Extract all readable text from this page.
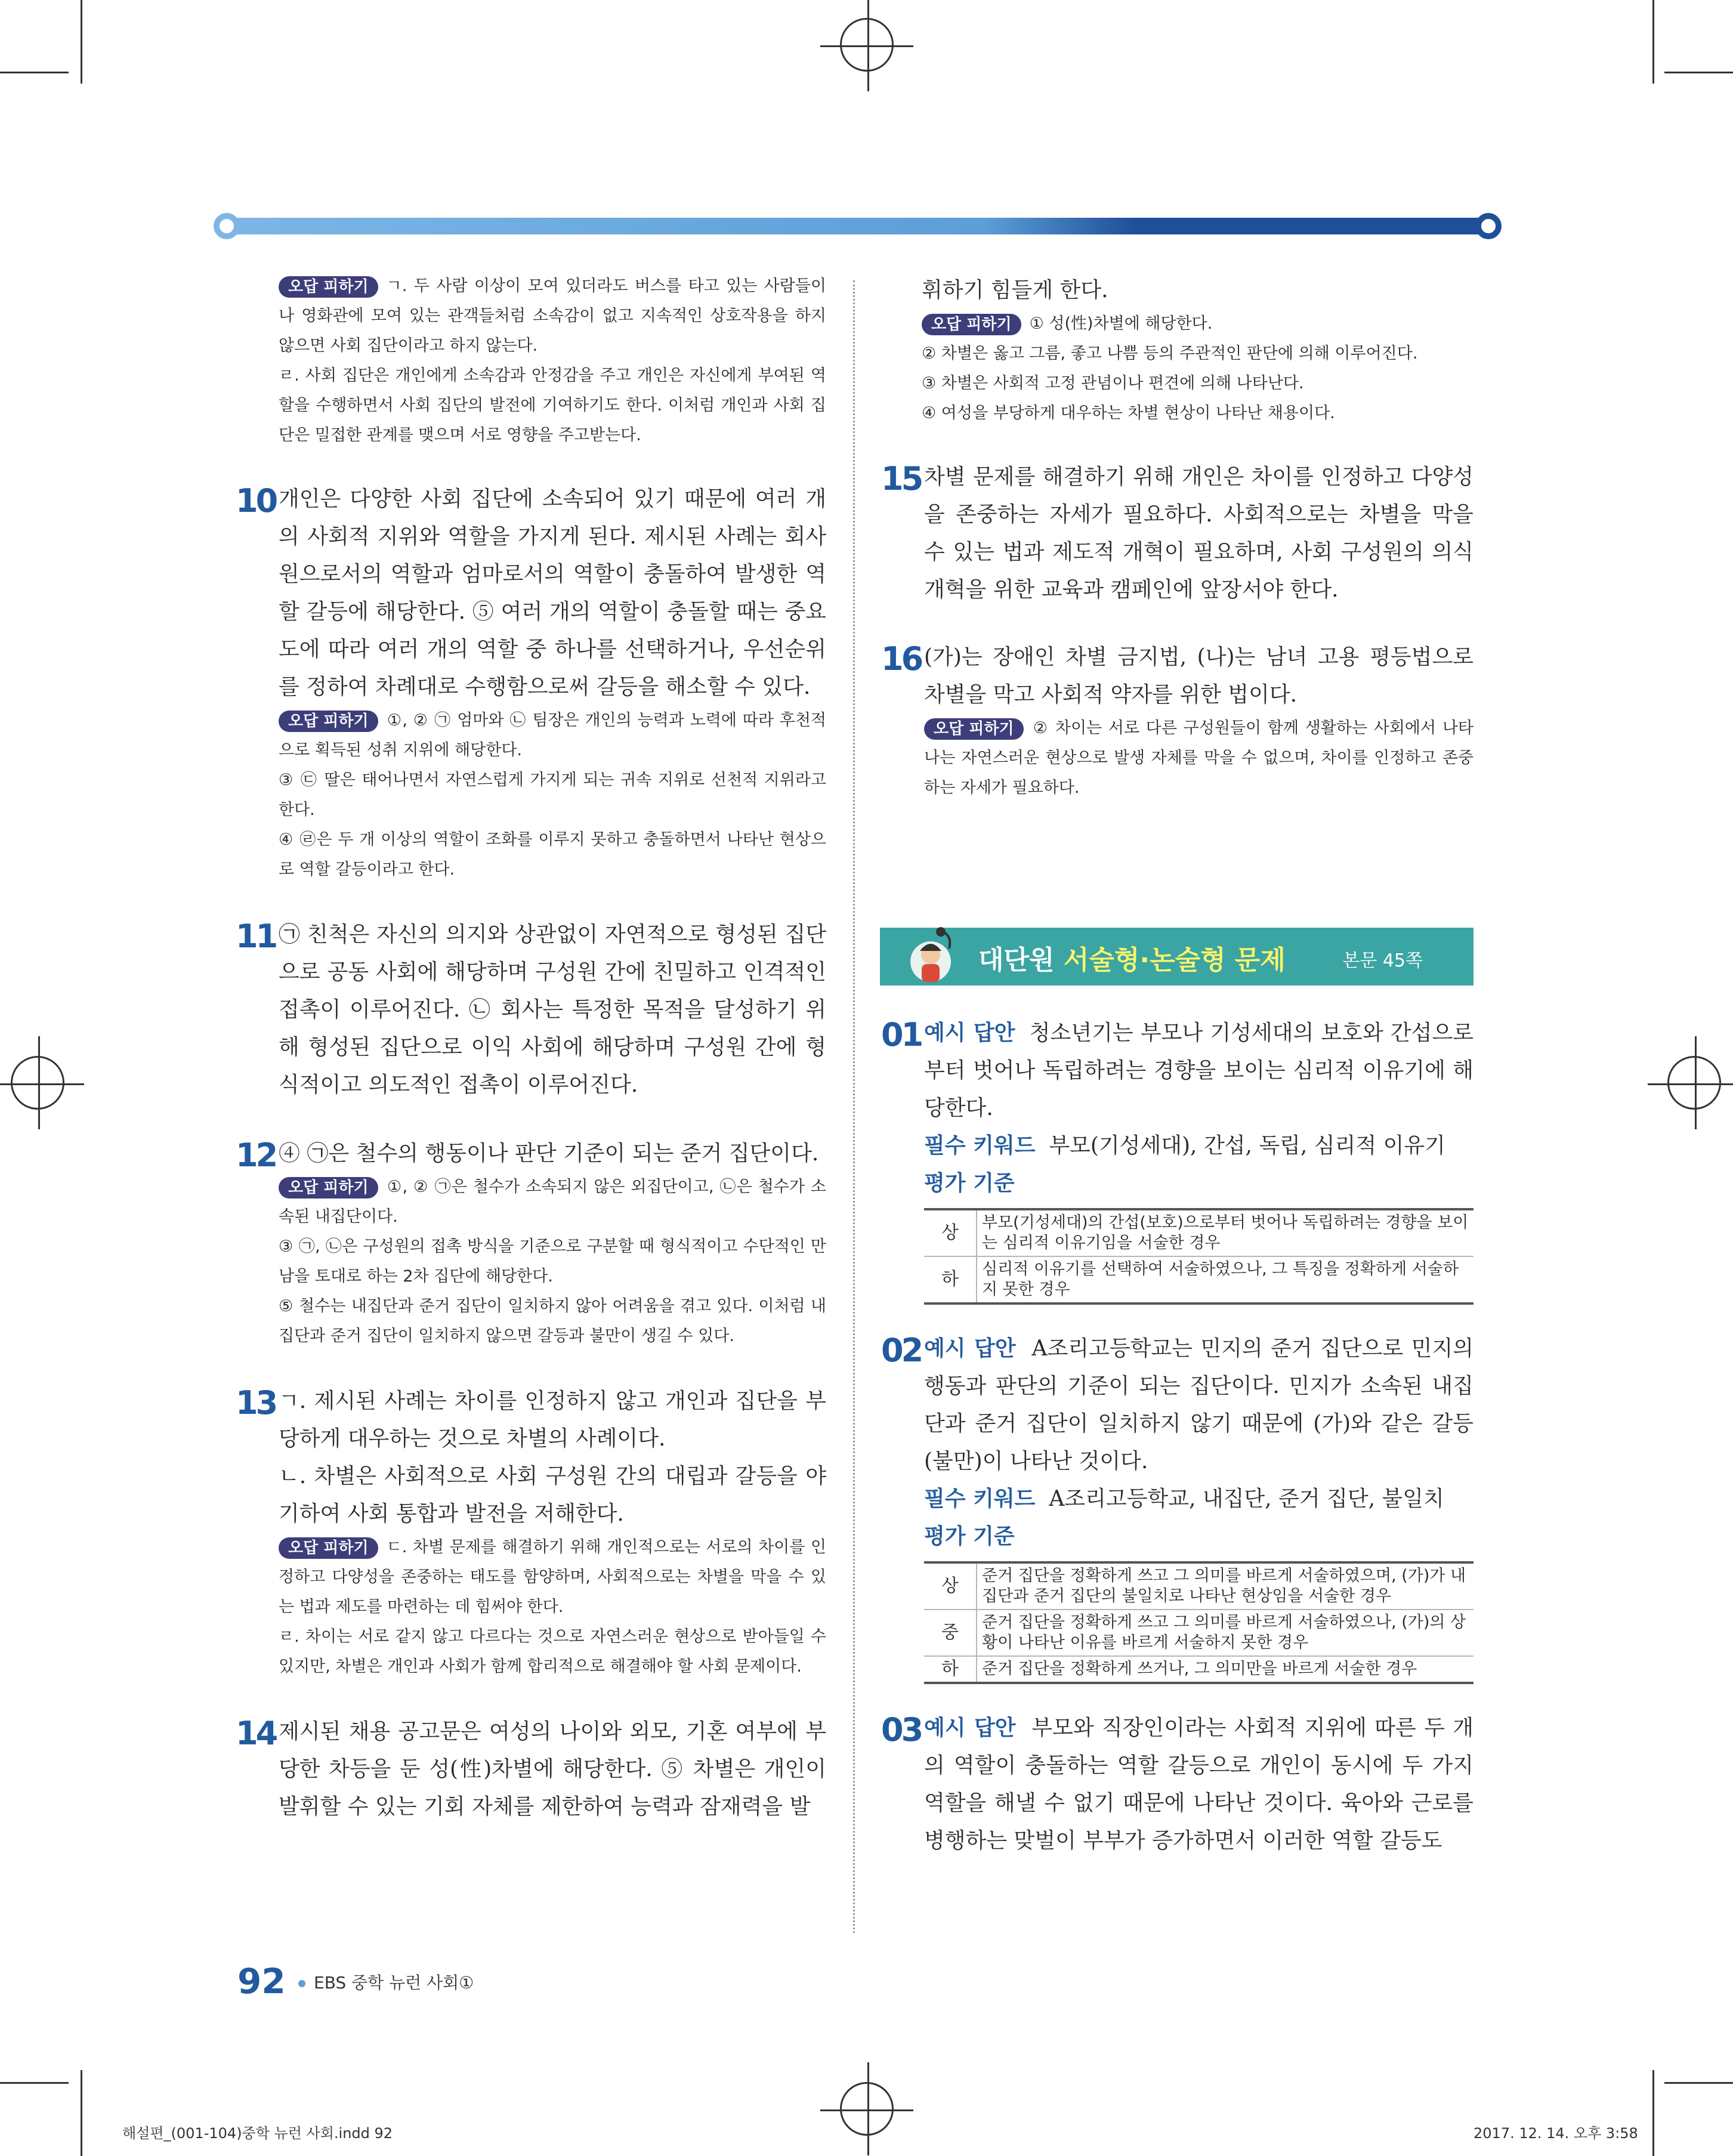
오답 피하기 ㄱ. 두 사람 이상이 모여 있더라도 버스를 타고 있는 사람들이나 영화관에 모여 있는 관객들처럼 소속감이 없고 지속적인 상호작용을 하지 않으면 사회 집단이라고 하지 않는다.
ㄹ. 사회 집단은 개인에게 소속감과 안정감을 주고 개인은 자신에게 부여된 역할을 수행하면서 사회 집단의 발전에 기여하기도 한다. 이처럼 개인과 사회 집단은 밀접한 관계를 맺으며 서로 영향을 주고받는다.
10 개인은 다양한 사회 집단에 소속되어 있기 때문에 여러 개의 사회적 지위와 역할을 가지게 된다. 제시된 사례는 회사원으로서의 역할과 엄마로서의 역할이 충돌하여 발생한 역할 갈등에 해당한다. ⑤ 여러 개의 역할이 충돌할 때는 중요도에 따라 여러 개의 역할 중 하나를 선택하거나, 우선순위를 정하여 차례대로 수행함으로써 갈등을 해소할 수 있다.
오답 피하기 ①, ② ㉠ 엄마와 ㉡ 팀장은 개인의 능력과 노력에 따라 후천적으로 획득된 성취 지위에 해당한다.
③ ㉢ 딸은 태어나면서 자연스럽게 가지게 되는 귀속 지위로 선천적 지위라고 한다.
④ ㉣은 두 개 이상의 역할이 조화를 이루지 못하고 충돌하면서 나타난 현상으로 역할 갈등이라고 한다.
11 ㉠ 친척은 자신의 의지와 상관없이 자연적으로 형성된 집단으로 공동 사회에 해당하며 구성원 간에 친밀하고 인격적인 접촉이 이루어진다. ㉡ 회사는 특정한 목적을 달성하기 위해 형성된 집단으로 이익 사회에 해당하며 구성원 간에 형식적이고 의도적인 접촉이 이루어진다.
12 ④ ㉠은 철수의 행동이나 판단 기준이 되는 준거 집단이다.
오답 피하기 ①, ② ㉠은 철수가 소속되지 않은 외집단이고, ㉡은 철수가 소속된 내집단이다.
③ ㉠, ㉡은 구성원의 접촉 방식을 기준으로 구분할 때 형식적이고 수단적인 만남을 토대로 하는 2차 집단에 해당한다.
⑤ 철수는 내집단과 준거 집단이 일치하지 않아 어려움을 겪고 있다. 이처럼 내집단과 준거 집단이 일치하지 않으면 갈등과 불만이 생길 수 있다.
13 ㄱ. 제시된 사례는 차이를 인정하지 않고 개인과 집단을 부당하게 대우하는 것으로 차별의 사례이다.
ㄴ. 차별은 사회적으로 사회 구성원 간의 대립과 갈등을 야기하여 사회 통합과 발전을 저해한다.
오답 피하기 ㄷ. 차별 문제를 해결하기 위해 개인적으로는 서로의 차이를 인정하고 다양성을 존중하는 태도를 함양하며, 사회적으로는 차별을 막을 수 있는 법과 제도를 마련하는 데 힘써야 한다.
ㄹ. 차이는 서로 같지 않고 다르다는 것으로 자연스러운 현상으로 받아들일 수 있지만, 차별은 개인과 사회가 함께 합리적으로 해결해야 할 사회 문제이다.
14 제시된 채용 공고문은 여성의 나이와 외모, 기혼 여부에 부당한 차등을 둔 성(性)차별에 해당한다. ⑤ 차별은 개인이 발휘할 수 있는 기회 자체를 제한하여 능력과 잠재력을 발
휘하기 힘들게 한다.
오답 피하기 ① 성(性)차별에 해당한다.
② 차별은 옳고 그름, 좋고 나쁨 등의 주관적인 판단에 의해 이루어진다.
③ 차별은 사회적 고정 관념이나 편견에 의해 나타난다.
④ 여성을 부당하게 대우하는 차별 현상이 나타난 채용이다.
15 차별 문제를 해결하기 위해 개인은 차이를 인정하고 다양성을 존중하는 자세가 필요하다. 사회적으로는 차별을 막을 수 있는 법과 제도적 개혁이 필요하며, 사회 구성원의 의식 개혁을 위한 교육과 캠페인에 앞장서야 한다.
16 (가)는 장애인 차별 금지법, (나)는 남녀 고용 평등법으로 차별을 막고 사회적 약자를 위한 법이다.
오답 피하기 ② 차이는 서로 다른 구성원들이 함께 생활하는 사회에서 나타나는 자연스러운 현상으로 발생 자체를 막을 수 없으며, 차이를 인정하고 존중하는 자세가 필요하다.
대단원 서술형·논술형 문제	본문 45쪽
01 예시 답안 청소년기는 부모나 기성세대의 보호와 간섭으로부터 벗어나 독립하려는 경향을 보이는 심리적 이유기에 해당한다.
필수 키워드 부모(기성세대), 간섭, 독립, 심리적 이유기
평가 기준
상	부모(기성세대)의 간섭(보호)으로부터 벗어나 독립하려는 경향을 보이는 심리적 이유기임을 서술한 경우
하	심리적 이유기를 선택하여 서술하였으나, 그 특징을 정확하게 서술하지 못한 경우
02 예시 답안 A조리고등학교는 민지의 준거 집단으로 민지의 행동과 판단의 기준이 되는 집단이다. 민지가 소속된 내집단과 준거 집단이 일치하지 않기 때문에 (가)와 같은 갈등(불만)이 나타난 것이다.
필수 키워드 A조리고등학교, 내집단, 준거 집단, 불일치
평가 기준
상	준거 집단을 정확하게 쓰고 그 의미를 바르게 서술하였으며, (가)가 내집단과 준거 집단의 불일치로 나타난 현상임을 서술한 경우
중	준거 집단을 정확하게 쓰고 그 의미를 바르게 서술하였으나, (가)의 상황이 나타난 이유를 바르게 서술하지 못한 경우
하	준거 집단을 정확하게 쓰거나, 그 의미만을 바르게 서술한 경우
03 예시 답안 부모와 직장인이라는 사회적 지위에 따른 두 개의 역할이 충돌하는 역할 갈등으로 개인이 동시에 두 가지 역할을 해낼 수 없기 때문에 나타난 것이다. 육아와 근로를 병행하는 맞벌이 부부가 증가하면서 이러한 역할 갈등도
92	EBS 중학 뉴런 사회①
해설편_(001-104)중학 뉴런 사회.indd 92	2017. 12. 14. 오후 3:58
